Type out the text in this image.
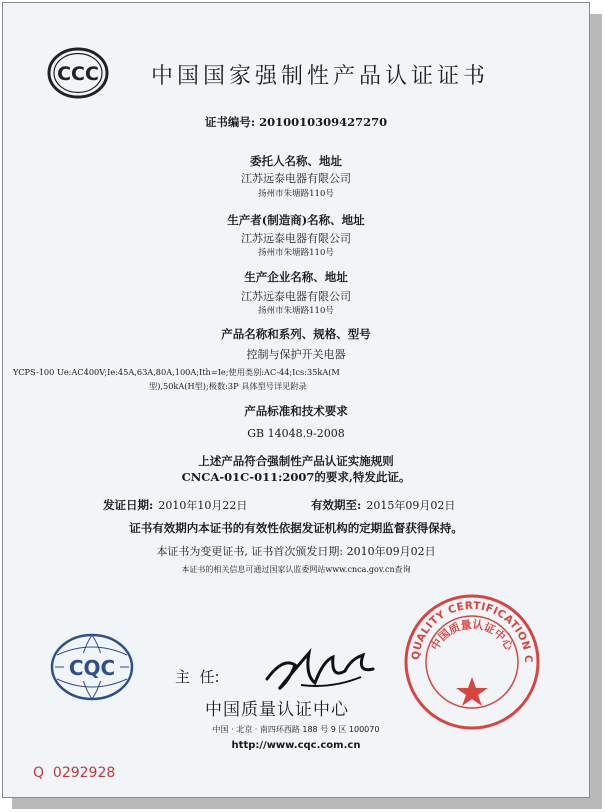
CCC 中国国家强制性产品认证证书
证书编号: 2010010309427270
委托人名称、地址
江苏远泰电器有限公司
扬州市朱塘路110号
生产者(制造商)名称、地址
江苏远泰电器有限公司
扬州市朱塘路110号
生产企业名称、地址
江苏远泰电器有限公司
扬州市朱塘路110号
产品名称和系列、规格、型号
控制与保护开关电器
YCPS-100 Ue:AC400V;Ie:45A,63A,80A,100A;Ith=Ie;使用类别:AC-44;Ics:35kA(M
型),50kA(H型);极数:3P 具体型号详见附录
产品标准和技术要求
GB 14048.9-2008
上述产品符合强制性产品认证实施规则
CNCA-01C-011:2007的要求,特发此证。
发证日期: 2010年10月22日	有效期至: 2015年09月02日
证书有效期内本证书的有效性依据发证机构的定期监督获得保持。
本证书为变更证书, 证书首次颁发日期: 2010年09月02日
本证书的相关信息可通过国家认监委网站www.cnca.gov.cn查询
CQC	主  任:
中国质量认证中心
中国 · 北京 · 南四环西路 188 号 9 区 100070
http://www.cqc.com.cn
QUALITY CERTIFICATION C
中国质量认证中心
Q  0292928
